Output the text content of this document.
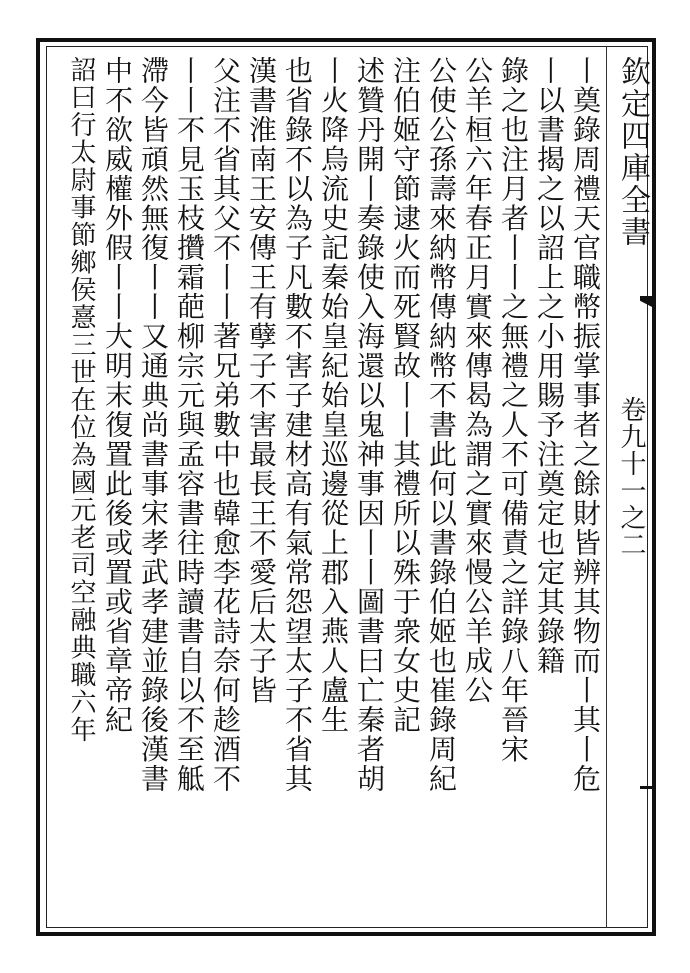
欽定四庫全書
卷九十一之二
丨奠錄周禮天官職幣振掌事者之餘財皆辨其物而丨其丨危
丨以書揭之以詔上之小用賜予注奠定也定其錄籍
錄之也注月者丨丨之無禮之人不可備責之詳錄八年晉宋
公羊桓六年春正月實來傳曷為謂之實來慢公羊成公
公使公孫壽來納幣傳納幣不書此何以書錄伯姬也崔錄周紀
注伯姬守節逮火而死賢故丨丨其禮所以殊于衆女史記
述贊丹開丨奏錄使入海還以鬼神事因丨丨圖書曰亡秦者胡
丨火降烏流史記秦始皇紀始皇巡邊從上郡入燕人盧生
也省錄不以為子凡數不害子建材高有氣常怨望太子不省其
漢書淮南王安傳王有孽子不害最長王不愛后太子皆
父注不省其父不丨丨著兄弟數中也韓愈李花詩奈何趁酒不
丨丨不見玉枝攢霜葩柳宗元與孟容書往時讀書自以不至觝
滯今皆頑然無復丨丨又通典尚書事宋孝武孝建並錄後漢書
中不欲威權外假丨丨大明末復置此後或置或省章帝紀
詔曰行太尉事節鄉侯憙三世在位為國元老司空融典職六年
